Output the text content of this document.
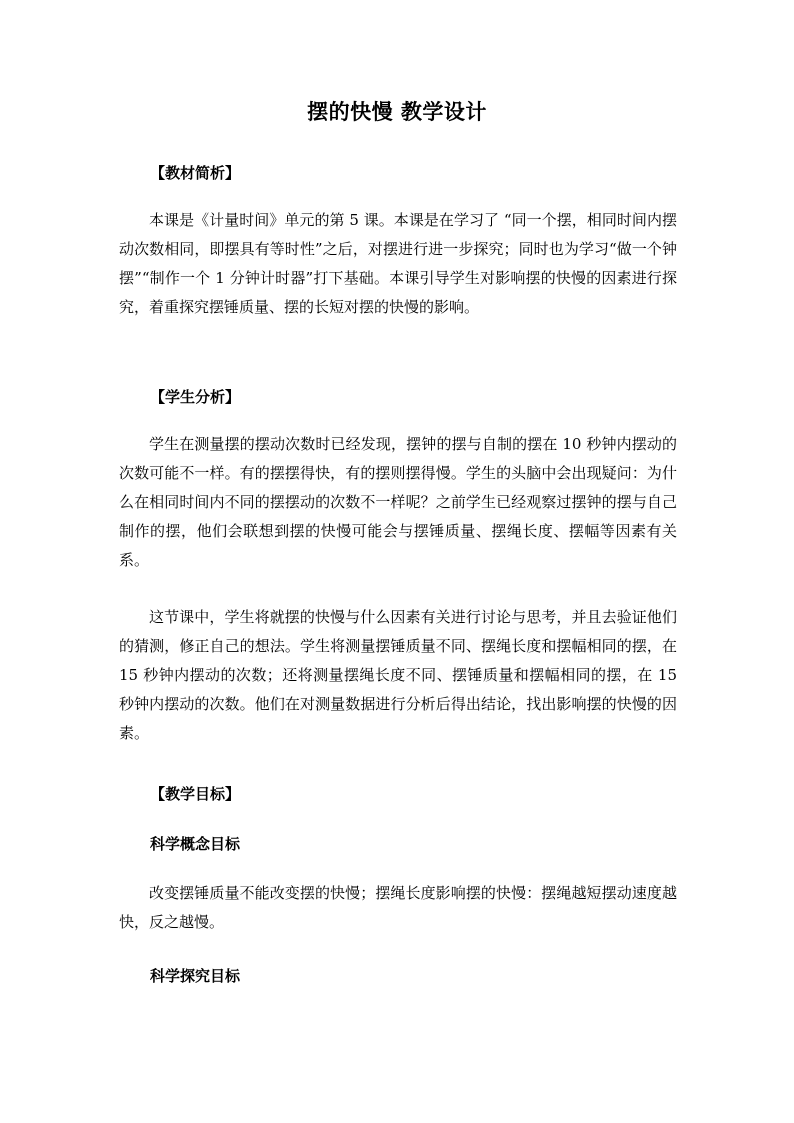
摆的快慢 教学设计
【教材简析】

本课是《计量时间》单元的第 5 课。本课是在学习了 “同一个摆，相同时间内摆动次数相同，即摆具有等时性”之后，对摆进行进一步探究；同时也为学习“做一个钟摆”“制作一个 1 分钟计时器”打下基础。本课引导学生对影响摆的快慢的因素进行探究，着重探究摆锤质量、摆的长短对摆的快慢的影响。

【学生分析】

学生在测量摆的摆动次数时已经发现，摆钟的摆与自制的摆在 10 秒钟内摆动的次数可能不一样。有的摆摆得快，有的摆则摆得慢。学生的头脑中会出现疑问：为什么在相同时间内不同的摆摆动的次数不一样呢？之前学生已经观察过摆钟的摆与自己制作的摆，他们会联想到摆的快慢可能会与摆锤质量、摆绳长度、摆幅等因素有关系。

这节课中，学生将就摆的快慢与什么因素有关进行讨论与思考，并且去验证他们的猜测，修正自己的想法。学生将测量摆锤质量不同、摆绳长度和摆幅相同的摆，在 15 秒钟内摆动的次数；还将测量摆绳长度不同、摆锤质量和摆幅相同的摆，在 15 秒钟内摆动的次数。他们在对测量数据进行分析后得出结论，找出影响摆的快慢的因素。

【教学目标】
科学概念目标

改变摆锤质量不能改变摆的快慢；摆绳长度影响摆的快慢：摆绳越短摆动速度越快，反之越慢。

科学探究目标
